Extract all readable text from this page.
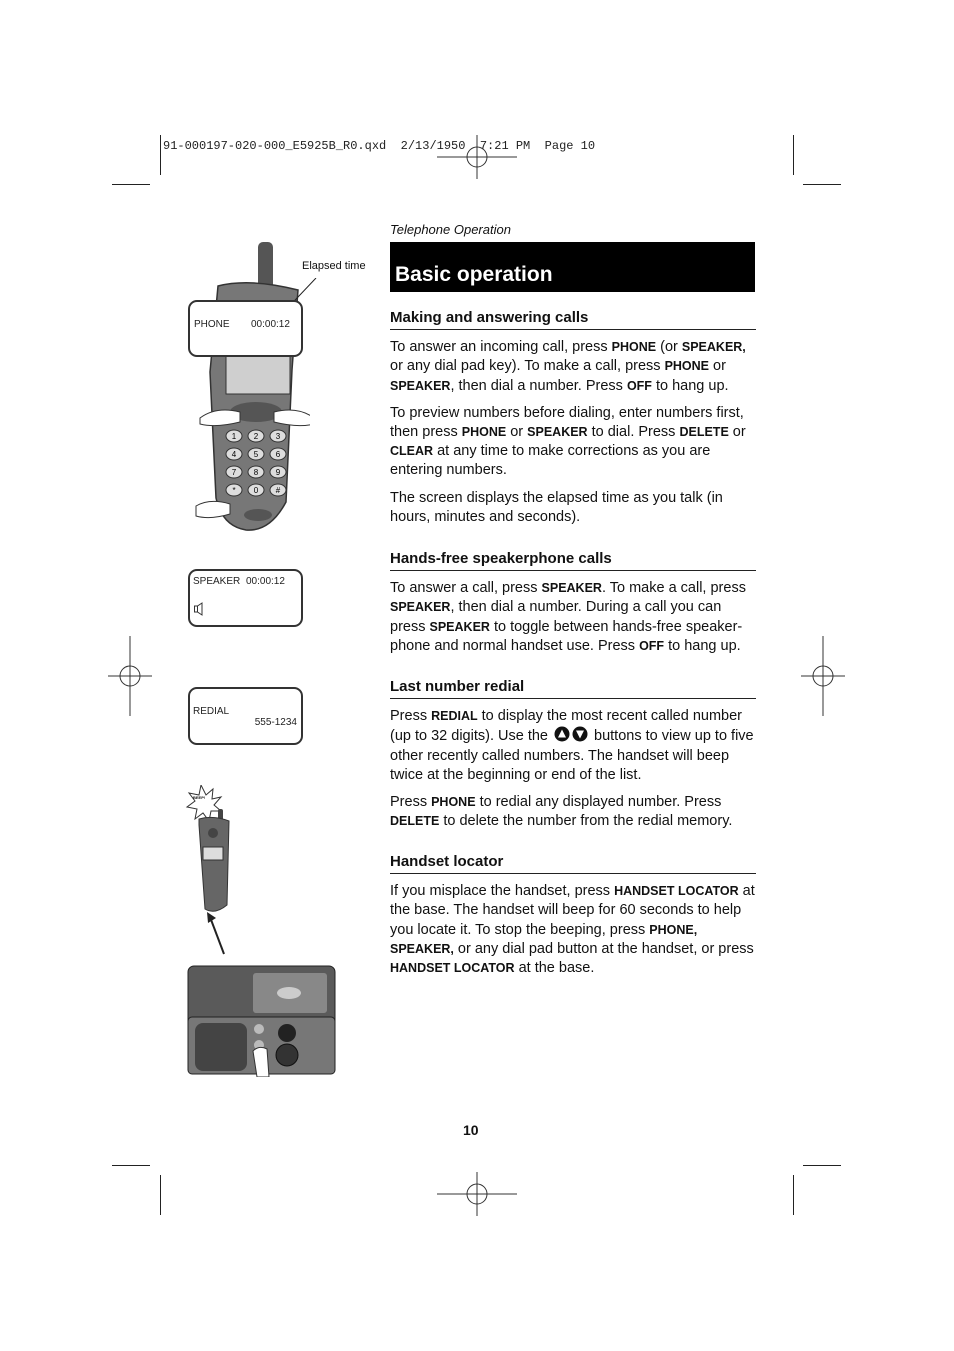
91-000197-020-000_E5925B_R0.qxd  2/13/1950  7:21 PM  Page 10
1 2 3
4 5 6
7 8 9
* 0 #
Elapsed time
PHONE 00:00:12
SPEAKER 00:00:12
REDIAL
555-1234
BEEP!
Telephone Operation
Basic operation
Making and answering calls

To answer an incoming call, press PHONE (or SPEAKER, or any dial pad key). To make a call, press PHONE or SPEAKER, then dial a number. Press OFF to hang up.

To preview numbers before dialing, enter numbers first, then press PHONE or SPEAKER to dial. Press DELETE or CLEAR at any time to make corrections as you are entering numbers.

The screen displays the elapsed time as you talk (in hours, minutes and seconds).

Hands-free speakerphone calls

To answer a call, press SPEAKER. To make a call, press SPEAKER, then dial a number. During a call you can press SPEAKER to toggle between hands-free speaker-phone and normal handset use. Press OFF to hang up.

Last number redial

Press REDIAL to display the most recent called number (up to 32 digits). Use the	buttons to view up to five other recently called numbers. The handset will beep twice at the beginning or end of the list.

Press PHONE to redial any displayed number. Press DELETE to delete the number from the redial memory.

Handset locator

If you misplace the handset, press HANDSET LOCATOR at the base. The handset will beep for 60 seconds to help you locate it. To stop the beeping, press PHONE, SPEAKER, or any dial pad button at the handset, or press HANDSET LOCATOR at the base.

10
